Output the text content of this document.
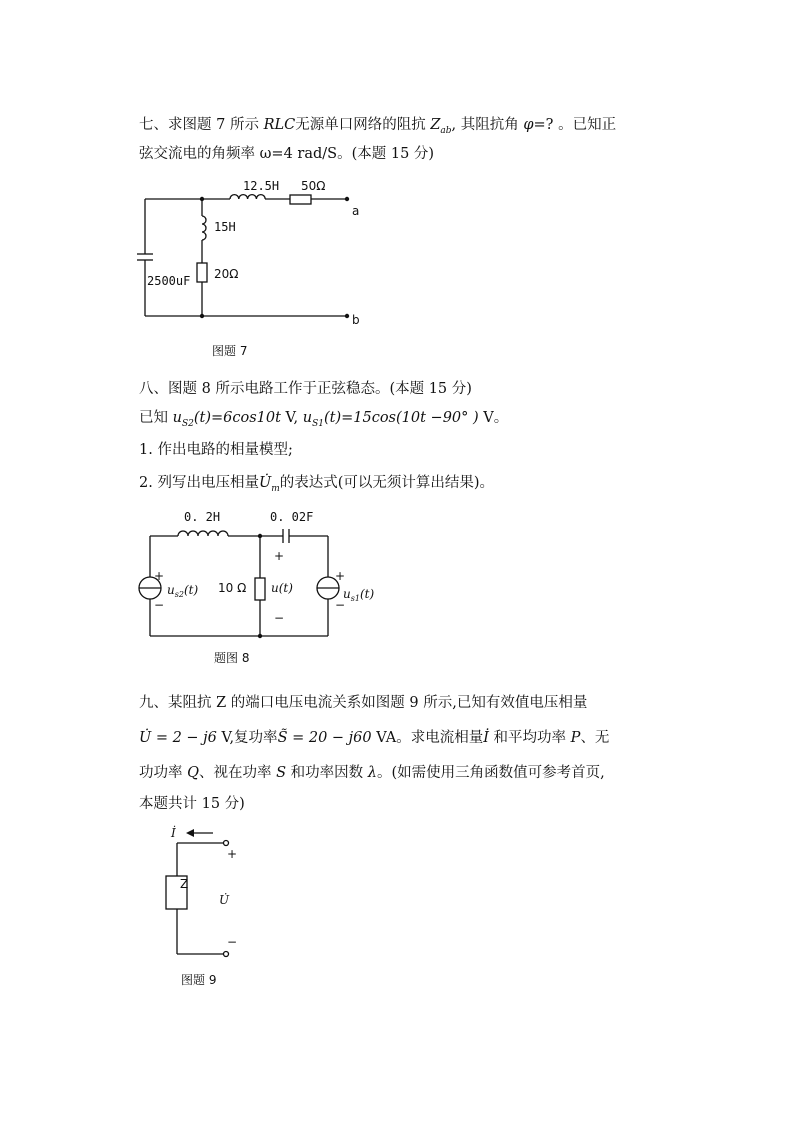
七、求图题 7 所示 RLC无源单口网络的阻抗 $Z_{ab}$, 其阻抗角 φ=? 。已知正
弦交流电的角频率 ω=4 rad/S。(本题 15 分)
八、图题 8 所示电路工作于正弦稳态。(本题 15 分)
已知 $u_{S2}(t)=6\cos 10t$ V, $u_{S1}(t)=15\cos(10t -90^\circ$ ) V。
1. 作出电路的相量模型;
2. 列写出电压相量$U̇_m$的表达式(可以无须计算出结果)。
九、某阻抗 Z 的端口电压电流关系如图题 9 所示,已知有效值电压相量
U̇ = 2 − j6 V,复功率S̃ = 20 − j60 VA。求电流相量İ 和平均功率 P、无
功功率 Q、视在功率 S 和功率因数 λ。(如需使用三角函数值可参考首页,
本题共计 15 分)
12.5H 50Ω
a
15H
20Ω
2500uF
b
图题 7
0. 2H	0. 02F
+
−
$u_{s2}(t)$ 10 Ω
+
u(t)
−
+
−
$u_{s1}(t)$
题图 8
İ
Z
U̇
+
−
图题 9
